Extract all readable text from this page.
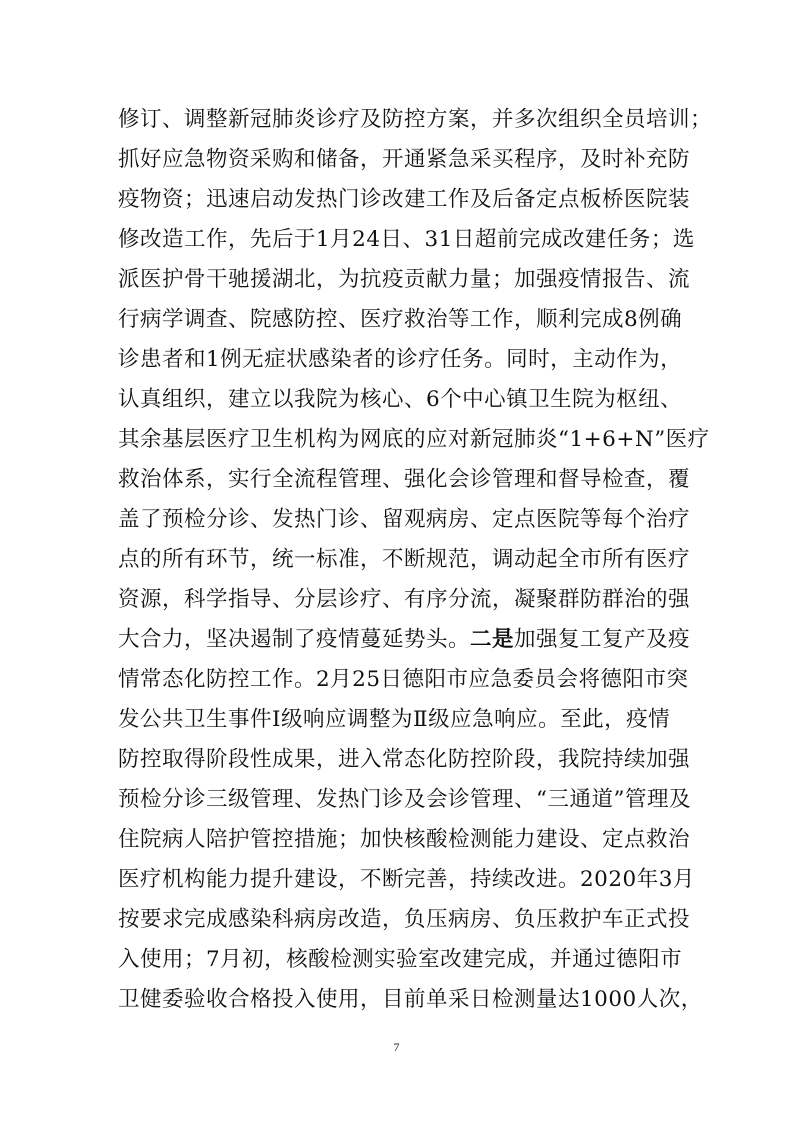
修订、调整新冠肺炎诊疗及防控方案，并多次组织全员培训；
抓好应急物资采购和储备，开通紧急采买程序，及时补充防
疫物资；迅速启动发热门诊改建工作及后备定点板桥医院装
修改造工作，先后于1月24日、31日超前完成改建任务；选
派医护骨干驰援湖北，为抗疫贡献力量；加强疫情报告、流
行病学调查、院感防控、医疗救治等工作，顺利完成8例确
诊患者和1例无症状感染者的诊疗任务。同时，主动作为，
认真组织，建立以我院为核心、6个中心镇卫生院为枢纽、
其余基层医疗卫生机构为网底的应对新冠肺炎“1+6+N”医疗
救治体系，实行全流程管理、强化会诊管理和督导检查，覆
盖了预检分诊、发热门诊、留观病房、定点医院等每个治疗
点的所有环节，统一标准，不断规范，调动起全市所有医疗
资源，科学指导、分层诊疗、有序分流，凝聚群防群治的强
大合力，坚决遏制了疫情蔓延势头。二是加强复工复产及疫
情常态化防控工作。2月25日德阳市应急委员会将德阳市突
发公共卫生事件Ⅰ级响应调整为Ⅱ级应急响应。至此，疫情
防控取得阶段性成果，进入常态化防控阶段，我院持续加强
预检分诊三级管理、发热门诊及会诊管理、“三通道”管理及
住院病人陪护管控措施；加快核酸检测能力建设、定点救治
医疗机构能力提升建设，不断完善，持续改进。2020年3月
按要求完成感染科病房改造，负压病房、负压救护车正式投
入使用；7月初，核酸检测实验室改建完成，并通过德阳市
卫健委验收合格投入使用，目前单采日检测量达1000人次，
7
